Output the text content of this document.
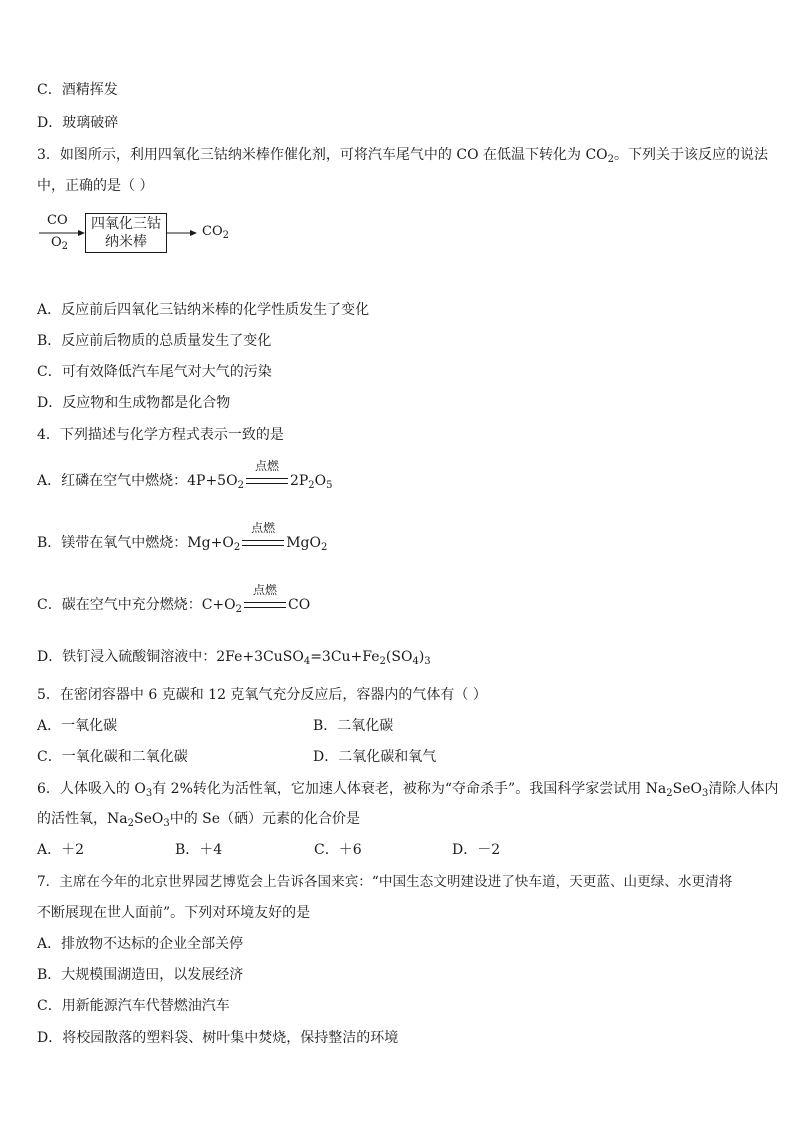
C．酒精挥发
D．玻璃破碎
3．如图所示，利用四氧化三钴纳米棒作催化剂，可将汽车尾气中的 CO 在低温下转化为 $CO_2$。下列关于该反应的说法
中，正确的是（ ）
CO
$O_2$
四氧化三钴
纳米棒
$CO_2$
A．反应前后四氧化三钴纳米棒的化学性质发生了变化
B．反应前后物质的总质量发生了变化
C．可有效降低汽车尾气对大气的污染
D．反应物和生成物都是化合物
4．下列描述与化学方程式表示一致的是
A．红磷在空气中燃烧：$4P+5O_2$
点燃
$2P_2O_5$
B．镁带在氧气中燃烧：$Mg+O_2$
点燃
MgO$_2$
C．碳在空气中充分燃烧：$C+O_2$
点燃
CO
D．铁钉浸入硫酸铜溶液中：$2Fe+3CuSO_4=3Cu+Fe_2(SO_4)_3$
5．在密闭容器中 6 克碳和 12 克氧气充分反应后，容器内的气体有（ ）
A．一氧化碳	B．二氧化碳
C．一氧化碳和二氧化碳	D．二氧化碳和氧气
6．人体吸入的 $O_3$有 2%转化为活性氧，它加速人体衰老，被称为“夺命杀手”。我国科学家尝试用 $Na_2SeO_3$清除人体内
的活性氧，$Na_2SeO_3$中的 Se（硒）元素的化合价是
A．＋2	B．＋4	C．＋6	D．－2
7．主席在今年的北京世界园艺博览会上告诉各国来宾：“中国生态文明建设进了快车道，天更蓝、山更绿、水更清将
不断展现在世人面前”。下列对环境友好的是
A．排放物不达标的企业全部关停
B．大规模围湖造田，以发展经济
C．用新能源汽车代替燃油汽车
D．将校园散落的塑料袋、树叶集中焚烧，保持整洁的环境
